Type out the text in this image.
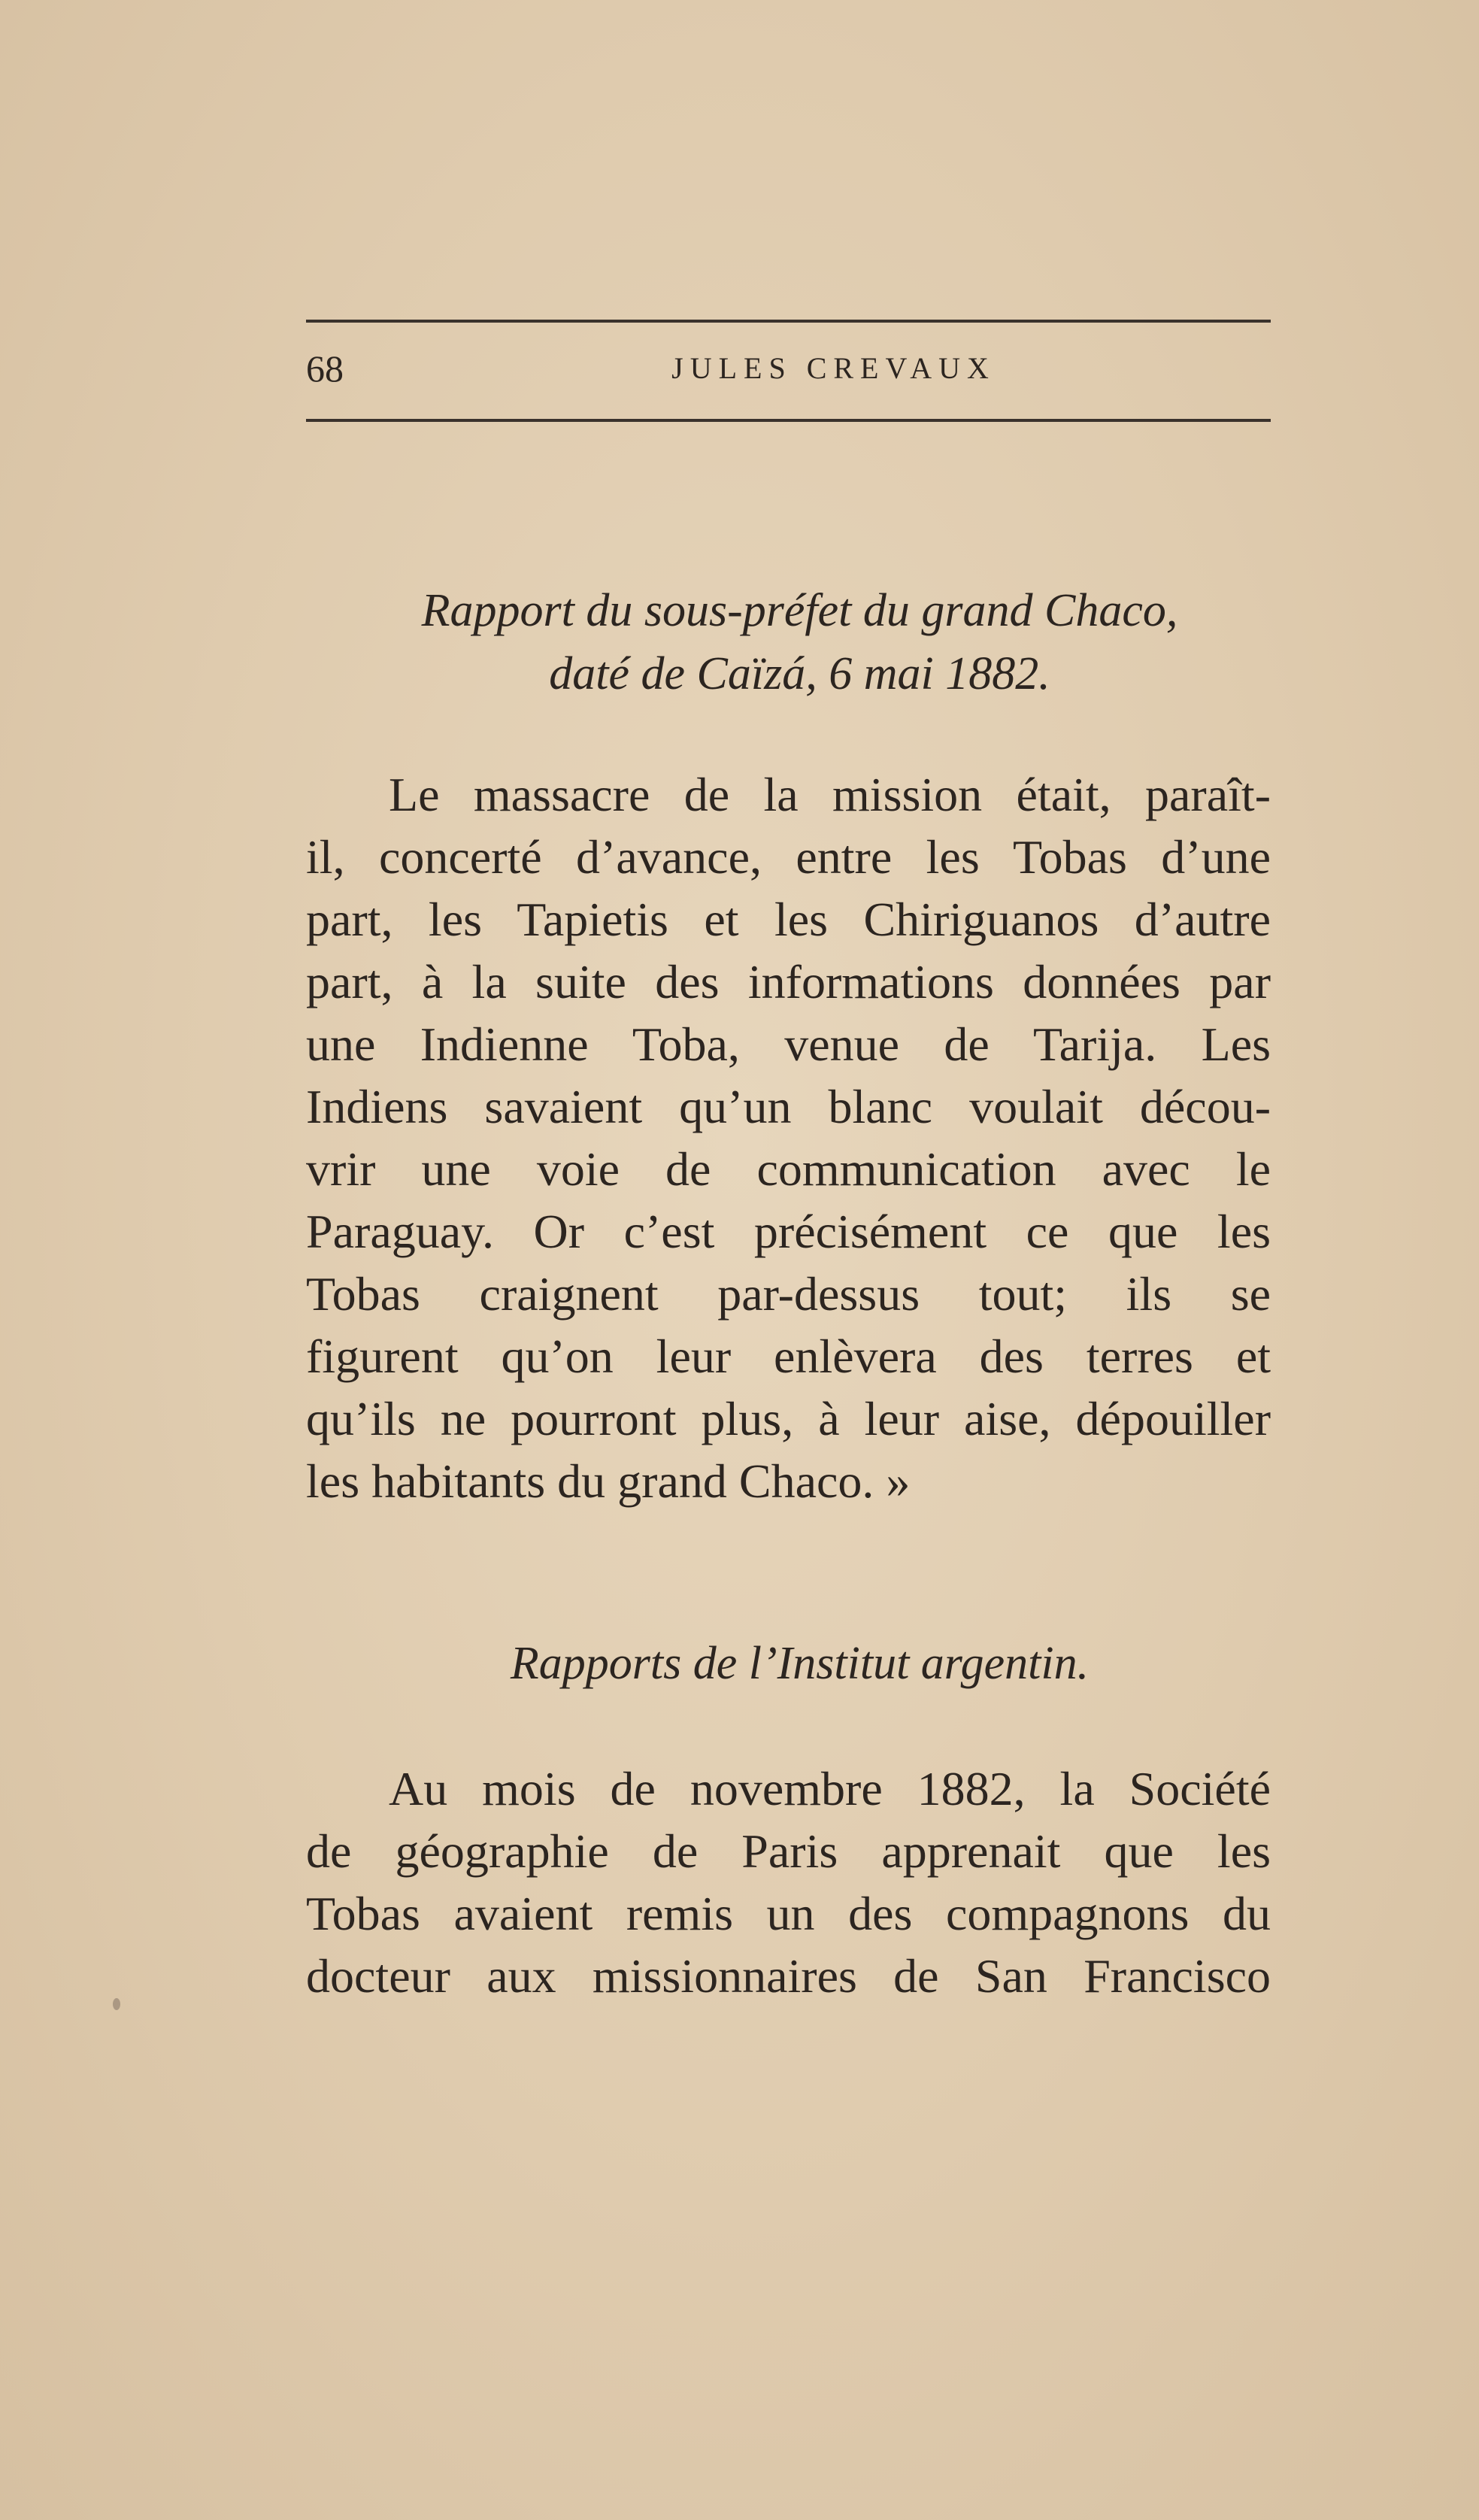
68	JULES CREVAUX
Rapport du sous-préfet du grand Chaco,
daté de Caïzá, 6 mai 1882.
Le massacre de la mission était, paraît-
il, concerté d’avance, entre les Tobas d’une
part, les Tapietis et les Chiriguanos d’autre
part, à la suite des informations données par
une Indienne Toba, venue de Tarija. Les
Indiens savaient qu’un blanc voulait décou-
vrir une voie de communication avec le
Paraguay. Or c’est précisément ce que les
Tobas craignent par-dessus tout; ils se
figurent qu’on leur enlèvera des terres et
qu’ils ne pourront plus, à leur aise, dépouiller
les habitants du grand Chaco. »
Rapports de l’Institut argentin.
Au mois de novembre 1882, la Société
de géographie de Paris apprenait que les
Tobas avaient remis un des compagnons du
docteur aux missionnaires de San Francisco
